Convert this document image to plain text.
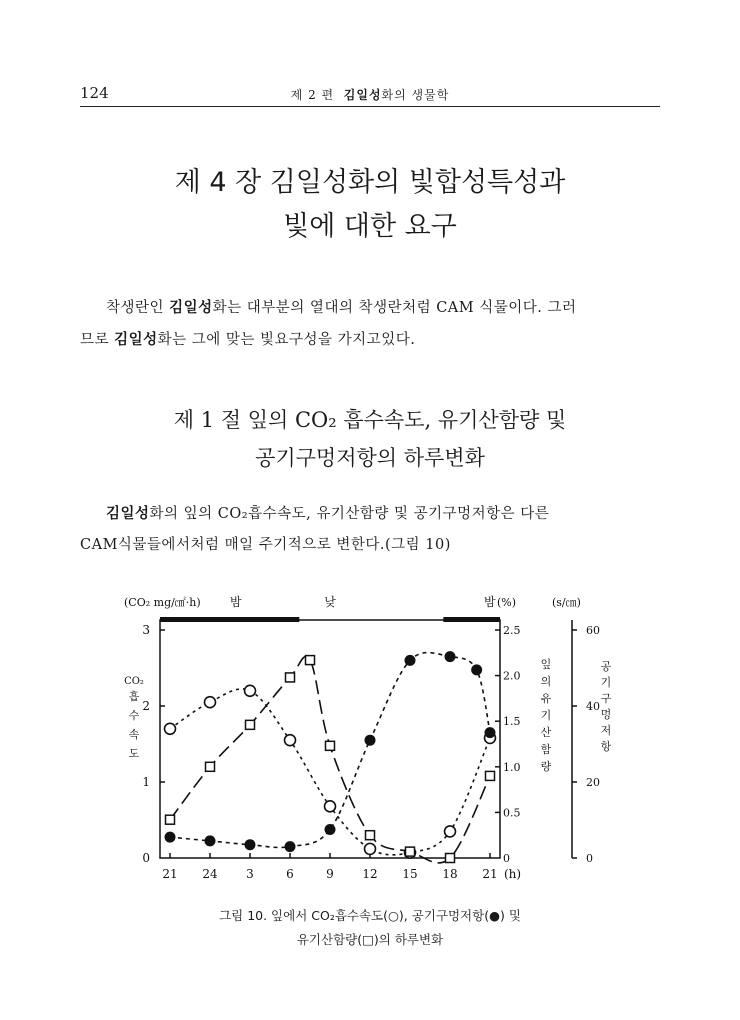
124	제 2 편 김일성화의 생물학
제 4 장 김일성화의 빛합성특성과
빛에 대한 요구
착생란인 김일성화는 대부분의 열대의 착생란처럼 CAM 식물이다. 그러
므로 김일성화는 그에 맞는 빛요구성을 가지고있다.
제 1 절 잎의 CO₂ 흡수속도, 유기산함량 및
공기구멍저항의 하루변화
김일성화의 잎의 CO₂흡수속도, 유기산함량 및 공기구멍저항은 다른
CAM식물들에서처럼 매일 주기적으로 변한다.(그림 10)
(CO₂ mg/㎠·h) 밤	낮	밤 (%)	(s/㎝)
0
1
2
3
0
0.5
1.0
1.5
2.0
2.5
0
20
40
60
21 24 3	6	9 12 15 18 21 (h)
CO₂
흡
수
속
도
잎
의
유
기
산
함
량
공
기
구
멍
저
항
그림 10. 잎에서 CO₂흡수속도(○), 공기구멍저항(●) 및
유기산함량(□)의 하루변화
